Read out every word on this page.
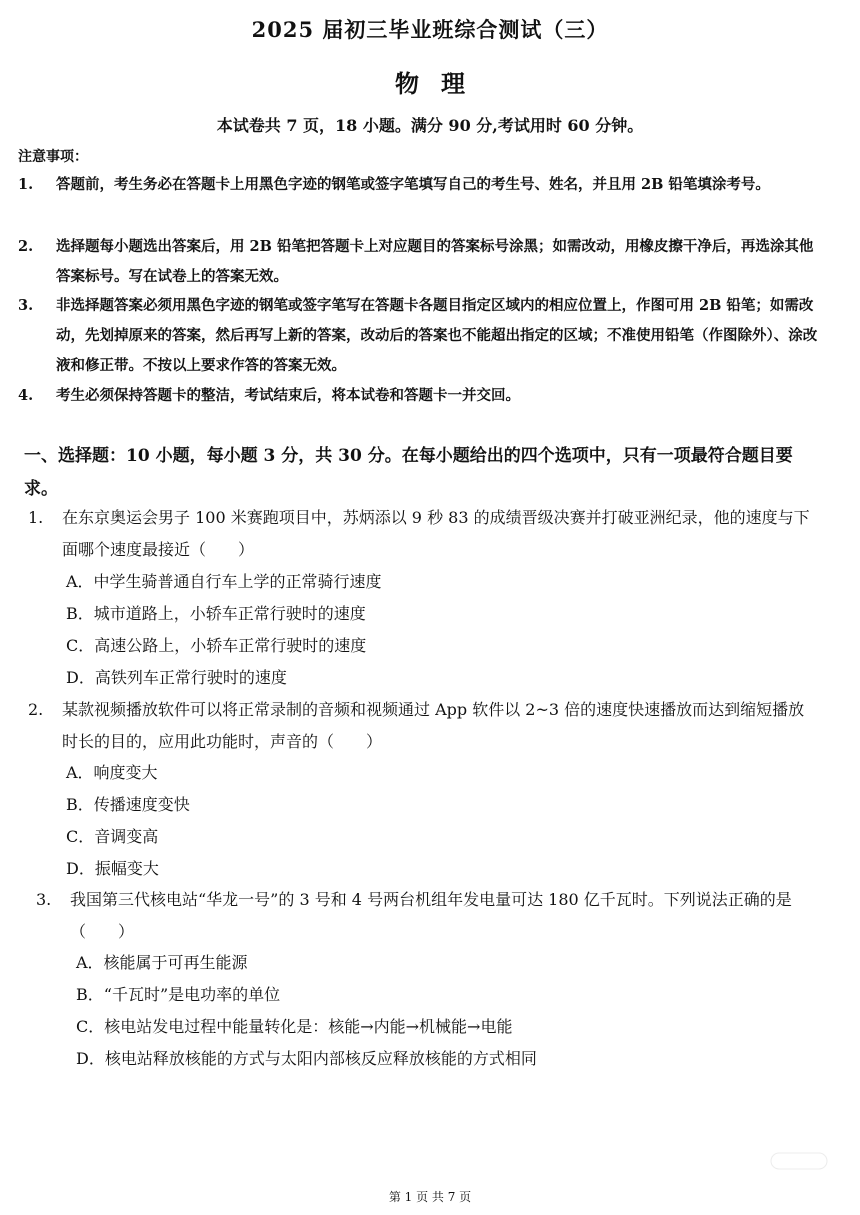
2025 届初三毕业班综合测试（三）
物理
本试卷共 7 页，18 小题。满分 90 分,考试用时 60 分钟。
注意事项：
1. 答题前，考生务必在答题卡上用黑色字迹的钢笔或签字笔填写自己的考生号、姓名，并且用 2B 铅笔填涂考号。
2. 选择题每小题选出答案后，用 2B 铅笔把答题卡上对应题目的答案标号涂黑；如需改动，用橡皮擦干净后，再选涂其他答案标号。写在试卷上的答案无效。
3. 非选择题答案必须用黑色字迹的钢笔或签字笔写在答题卡各题目指定区域内的相应位置上，作图可用 2B 铅笔；如需改动，先划掉原来的答案，然后再写上新的答案，改动后的答案也不能超出指定的区域；不准使用铅笔（作图除外）、涂改液和修正带。不按以上要求作答的答案无效。
4. 考生必须保持答题卡的整洁，考试结束后，将本试卷和答题卡一并交回。
一、选择题：10 小题，每小题 3 分，共 30 分。在每小题给出的四个选项中，只有一项最符合题目要求。
1. 在东京奥运会男子 100 米赛跑项目中，苏炳添以 9 秒 83 的成绩晋级决赛并打破亚洲纪录，他的速度与下面哪个速度最接近（　　）
A．中学生骑普通自行车上学的正常骑行速度
B．城市道路上，小轿车正常行驶时的速度
C．高速公路上，小轿车正常行驶时的速度
D．高铁列车正常行驶时的速度
2. 某款视频播放软件可以将正常录制的音频和视频通过 App 软件以 2~3 倍的速度快速播放而达到缩短播放时长的目的，应用此功能时，声音的（　　）
A．响度变大
B．传播速度变快
C．音调变高
D．振幅变大
3. 我国第三代核电站“华龙一号”的 3 号和 4 号两台机组年发电量可达 180 亿千瓦时。下列说法正确的是（　　）
A．核能属于可再生能源
B．“千瓦时”是电功率的单位
C．核电站发电过程中能量转化是：核能→内能→机械能→电能
D．核电站释放核能的方式与太阳内部核反应释放核能的方式相同
第 1 页 共 7 页
